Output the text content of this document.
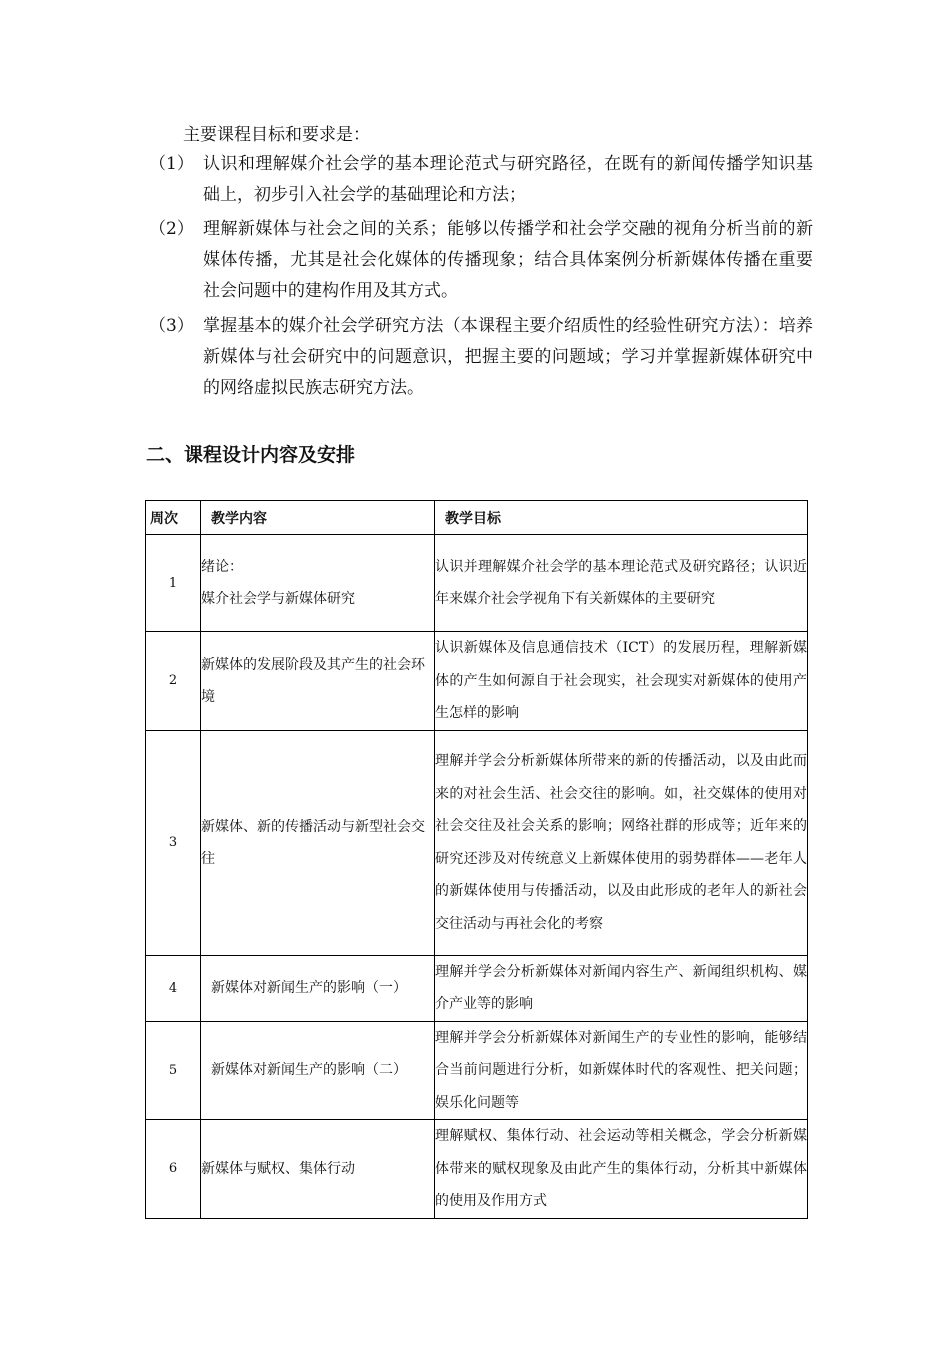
主要课程目标和要求是：
（1） 认识和理解媒介社会学的基本理论范式与研究路径，在既有的新闻传播学知识基础上，初步引入社会学的基础理论和方法；
（2） 理解新媒体与社会之间的关系；能够以传播学和社会学交融的视角分析当前的新媒体传播，尤其是社会化媒体的传播现象；结合具体案例分析新媒体传播在重要社会问题中的建构作用及其方式。
（3） 掌握基本的媒介社会学研究方法（本课程主要介绍质性的经验性研究方法）：培养新媒体与社会研究中的问题意识，把握主要的问题域；学习并掌握新媒体研究中的网络虚拟民族志研究方法。
二、课程设计内容及安排
周次	教学内容	教学目标
1	绪论：
媒介社会学与新媒体研究	认识并理解媒介社会学的基本理论范式及研究路径；认识近年来媒介社会学视角下有关新媒体的主要研究
2	新媒体的发展阶段及其产生的社会环境	认识新媒体及信息通信技术（ICT）的发展历程，理解新媒体的产生如何源自于社会现实，社会现实对新媒体的使用产生怎样的影响
3	新媒体、新的传播活动与新型社会交往	理解并学会分析新媒体所带来的新的传播活动，以及由此而来的对社会生活、社会交往的影响。如，社交媒体的使用对社会交往及社会关系的影响；网络社群的形成等；近年来的研究还涉及对传统意义上新媒体使用的弱势群体——老年人的新媒体使用与传播活动，以及由此形成的老年人的新社会交往活动与再社会化的考察
4	新媒体对新闻生产的影响（一）	理解并学会分析新媒体对新闻内容生产、新闻组织机构、媒介产业等的影响
5	新媒体对新闻生产的影响（二）	理解并学会分析新媒体对新闻生产的专业性的影响，能够结合当前问题进行分析，如新媒体时代的客观性、把关问题；娱乐化问题等
6	新媒体与赋权、集体行动	理解赋权、集体行动、社会运动等相关概念，学会分析新媒体带来的赋权现象及由此产生的集体行动，分析其中新媒体的使用及作用方式
